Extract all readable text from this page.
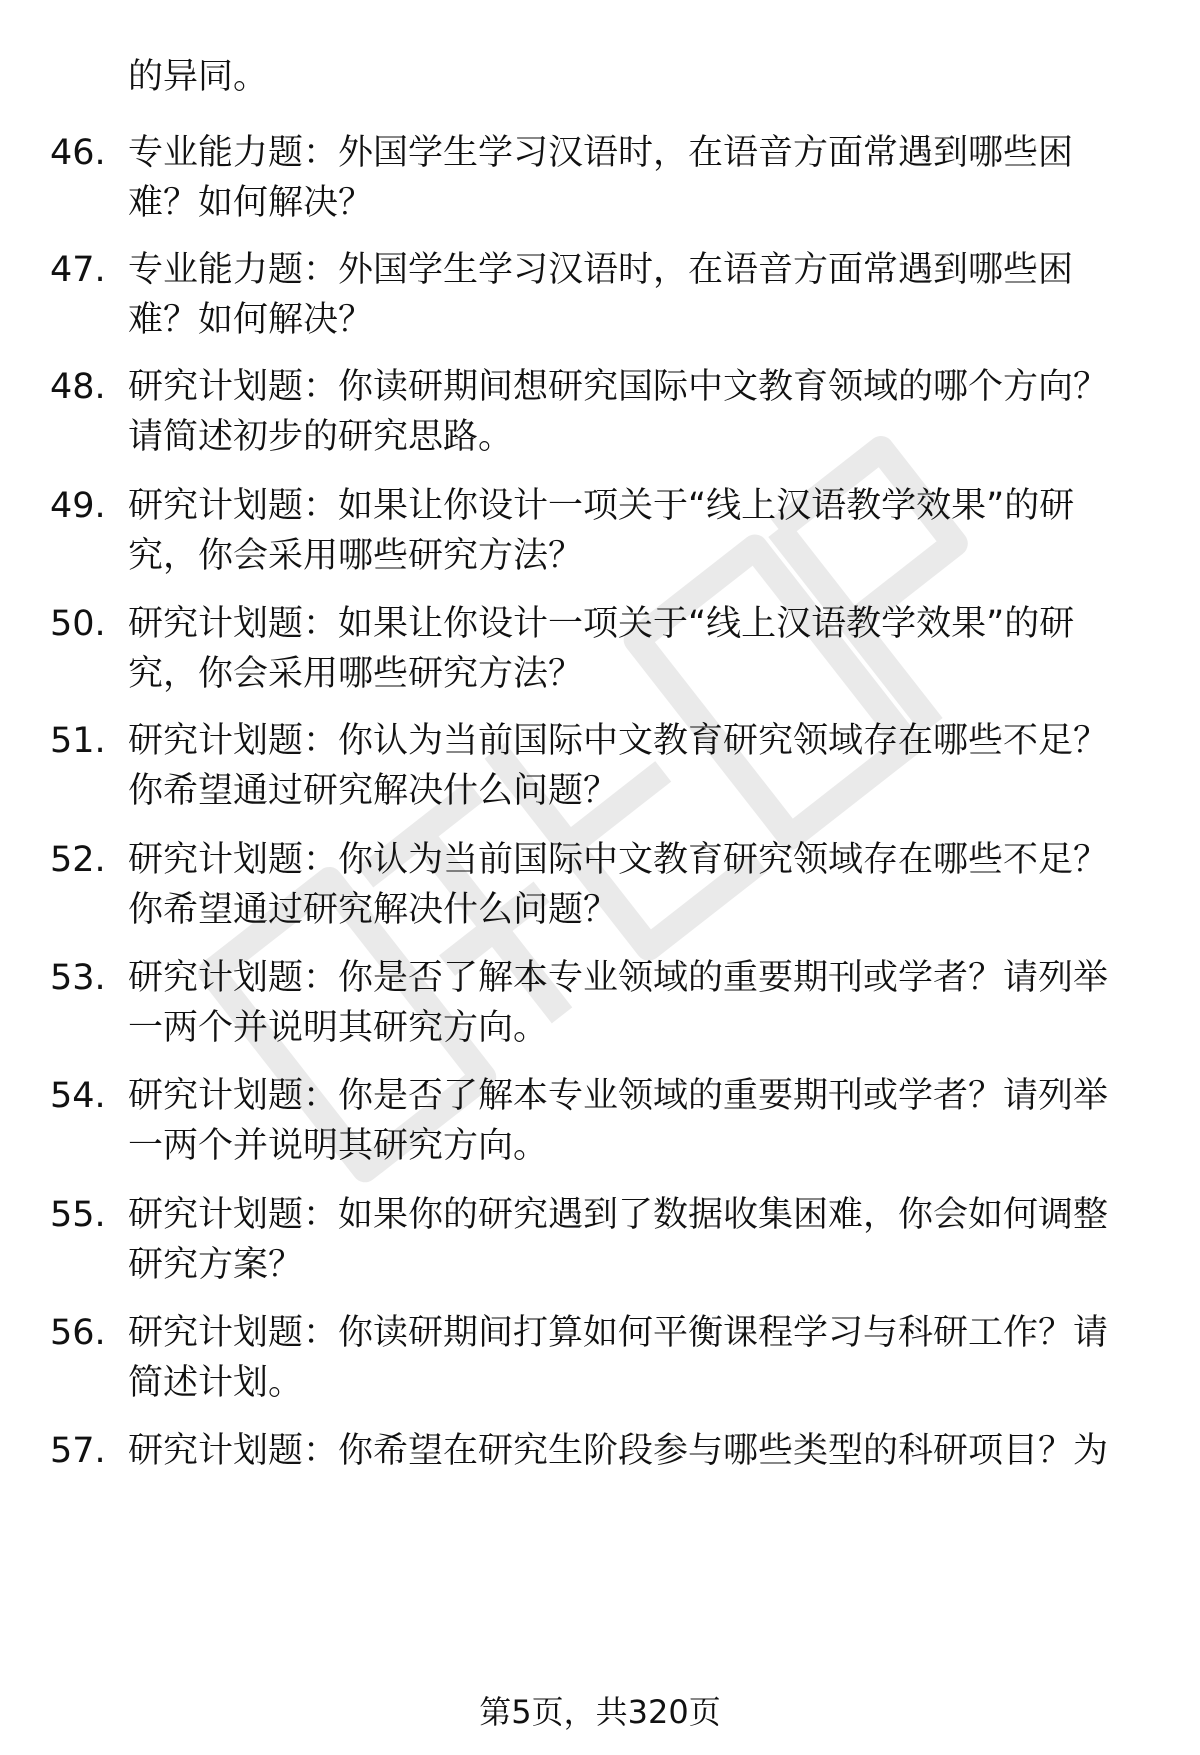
的异同。
46. 专业能力题：外国学生学习汉语时，在语音方面常遇到哪些困
难？如何解决？
47. 专业能力题：外国学生学习汉语时，在语音方面常遇到哪些困
难？如何解决？
48. 研究计划题：你读研期间想研究国际中文教育领域的哪个方向？
请简述初步的研究思路。
49. 研究计划题：如果让你设计一项关于“线上汉语教学效果”的研
究，你会采用哪些研究方法？
50. 研究计划题：如果让你设计一项关于“线上汉语教学效果”的研
究，你会采用哪些研究方法？
51. 研究计划题：你认为当前国际中文教育研究领域存在哪些不足？
你希望通过研究解决什么问题？
52. 研究计划题：你认为当前国际中文教育研究领域存在哪些不足？
你希望通过研究解决什么问题？
53. 研究计划题：你是否了解本专业领域的重要期刊或学者？请列举
一两个并说明其研究方向。
54. 研究计划题：你是否了解本专业领域的重要期刊或学者？请列举
一两个并说明其研究方向。
55. 研究计划题：如果你的研究遇到了数据收集困难，你会如何调整
研究方案？
56. 研究计划题：你读研期间打算如何平衡课程学习与科研工作？请
简述计划。
57. 研究计划题：你希望在研究生阶段参与哪些类型的科研项目？为
第5页，共320页
